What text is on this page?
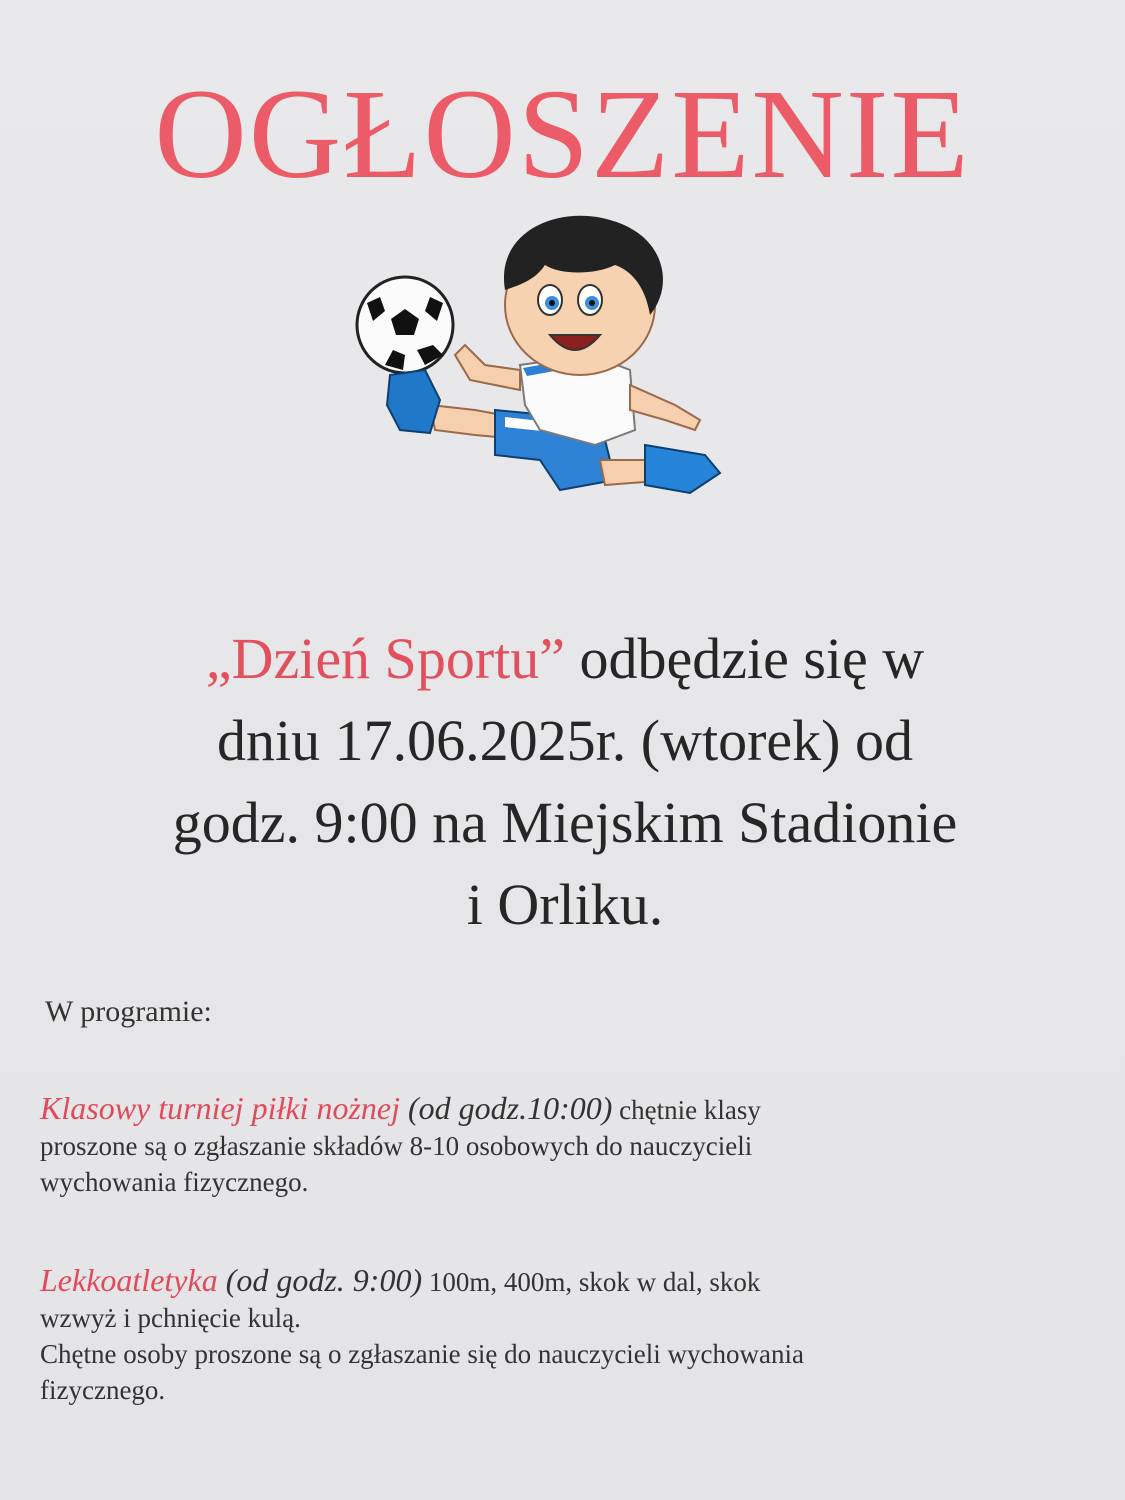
OGŁOSZENIE
„Dzień Sportu” odbędzie się w
dniu 17.06.2025r. (wtorek) od
godz. 9:00 na Miejskim Stadionie
i Orliku.
W programie:
Klasowy turniej piłki nożnej (od godz.10:00) chętnie klasy
proszone są o zgłaszanie składów 8-10 osobowych do nauczycieli
wychowania fizycznego.
Lekkoatletyka (od godz. 9:00) 100m, 400m, skok w dal, skok
wzwyż i pchnięcie kulą.
Chętne osoby proszone są o zgłaszanie się do nauczycieli wychowania
fizycznego.
